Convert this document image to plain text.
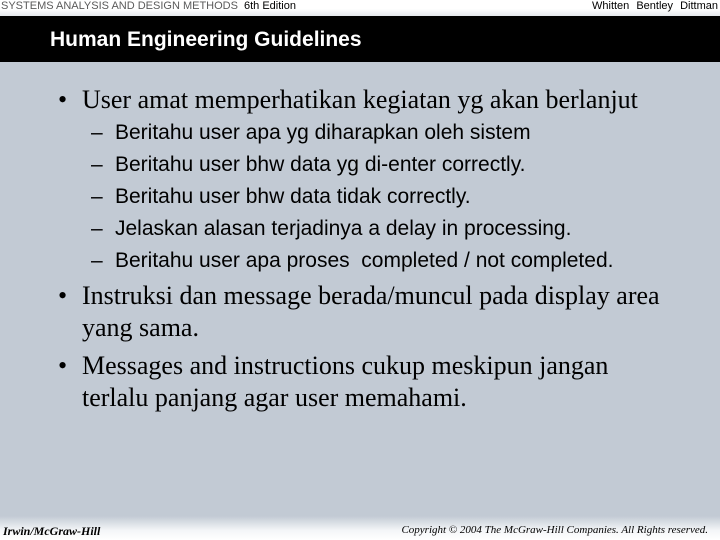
SYSTEMS ANALYSIS AND DESIGN METHODS 6th Edition	Whitten Bentley Dittman
Human Engineering Guidelines
• User amat memperhatikan kegiatan yg akan berlanjut
– Beritahu user apa yg diharapkan oleh sistem
– Beritahu user bhw data yg di-enter correctly.
– Beritahu user bhw data tidak correctly.
– Jelaskan alasan terjadinya a delay in processing.
– Beritahu user apa proses  completed / not completed.
• Instruksi dan message berada/muncul pada display area yang sama.
• Messages and instructions cukup meskipun jangan terlalu panjang agar user memahami.
Irwin/McGraw-Hill	Copyright © 2004 The McGraw-Hill Companies. All Rights reserved.
